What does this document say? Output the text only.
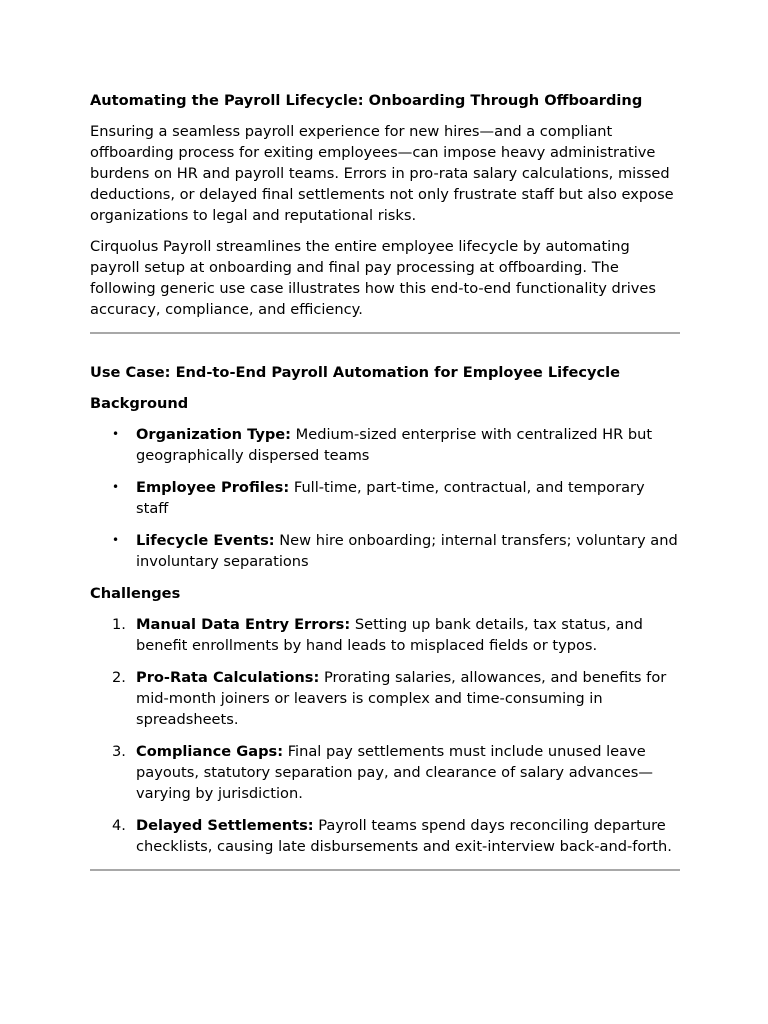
Automating the Payroll Lifecycle: Onboarding Through Offboarding

Ensuring a seamless payroll experience for new hires—and a compliant offboarding process for exiting employees—can impose heavy administrative burdens on HR and payroll teams. Errors in pro-rata salary calculations, missed deductions, or delayed final settlements not only frustrate staff but also expose organizations to legal and reputational risks.

Cirquolus Payroll streamlines the entire employee lifecycle by automating payroll setup at onboarding and final pay processing at offboarding. The following generic use case illustrates how this end-to-end functionality drives accuracy, compliance, and efficiency.

Use Case: End-to-End Payroll Automation for Employee Lifecycle
Background
• Organization Type: Medium-sized enterprise with centralized HR but geographically dispersed teams
• Employee Profiles: Full-time, part-time, contractual, and temporary staff
• Lifecycle Events: New hire onboarding; internal transfers; voluntary and involuntary separations
Challenges
1. Manual Data Entry Errors: Setting up bank details, tax status, and benefit enrollments by hand leads to misplaced fields or typos.
2. Pro-Rata Calculations: Prorating salaries, allowances, and benefits for mid-month joiners or leavers is complex and time-consuming in spreadsheets.
3. Compliance Gaps: Final pay settlements must include unused leave payouts, statutory separation pay, and clearance of salary advances—varying by jurisdiction.
4. Delayed Settlements: Payroll teams spend days reconciling departure checklists, causing late disbursements and exit-interview back-and-forth.
